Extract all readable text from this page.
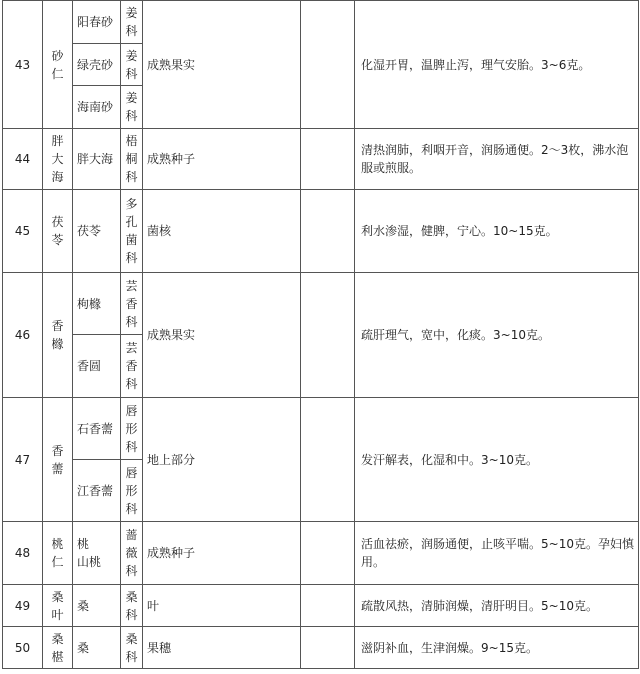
43	砂仁	阳春砂	姜科	成熟果实		化湿开胃，温脾止泻，理气安胎。3~6克。
		绿壳砂	姜科			

		海南砂	姜科			

44	胖大海	胖大海	梧桐科	成熟种子		清热润肺，利咽开音，润肠通便。2〜3枚，沸水泡服或煎服。
45	茯苓	茯苓	多孔菌科	菌核		利水渗湿，健脾，宁心。10~15克。
46	香橼	枸橼	芸香科	成熟果实		疏肝理气，宽中，化痰。3~10克。
		香圆	芸香科			

47	香薷	石香薷	唇形科	地上部分		发汗解表，化湿和中。3~10克。
		江香薷	唇形科			

48	桃仁	桃 山桃	蔷薇科	成熟种子		活血祛瘀，润肠通便，止咳平喘。5~10克。孕妇慎用。
49	桑叶	桑	桑科	叶		疏散风热，清肺润燥，清肝明目。5~10克。
50	桑椹	桑	桑科	果穗		滋阴补血，生津润燥。9~15克。
